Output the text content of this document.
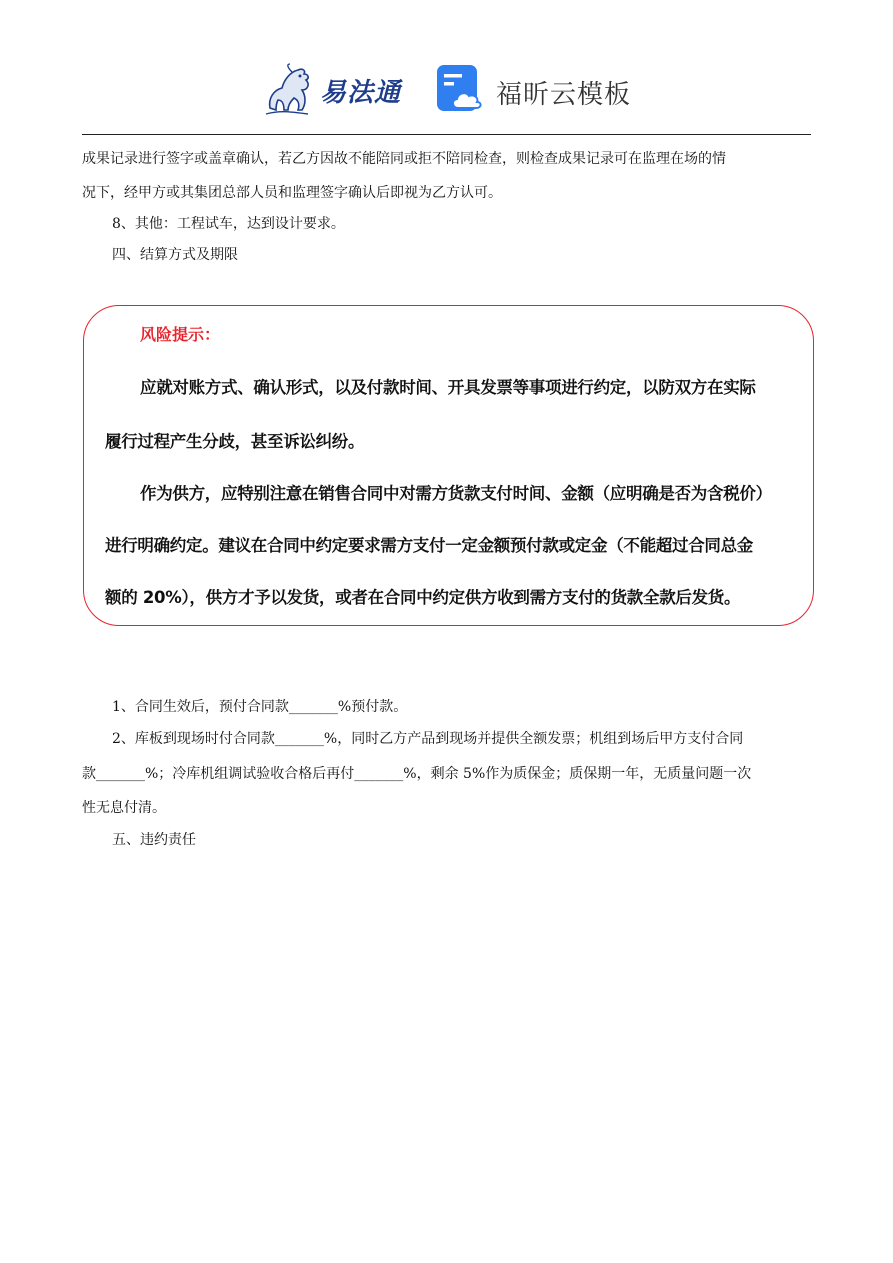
易法通	福昕云模板
成果记录进行签字或盖章确认，若乙方因故不能陪同或拒不陪同检查，则检查成果记录可在监理在场的情
况下，经甲方或其集团总部人员和监理签字确认后即视为乙方认可。
8、其他：工程试车，达到设计要求。
四、结算方式及期限
1、合同生效后，预付合同款_______%预付款。
2、库板到现场时付合同款_______%，同时乙方产品到现场并提供全额发票；机组到场后甲方支付合同
款_______%；冷库机组调试验收合格后再付_______%，剩余 5%作为质保金；质保期一年，无质量问题一次
性无息付清。
五、违约责任
风险提示：
应就对账方式、确认形式，以及付款时间、开具发票等事项进行约定，以防双方在实际
履行过程产生分歧，甚至诉讼纠纷。
作为供方，应特别注意在销售合同中对需方货款支付时间、金额（应明确是否为含税价）
进行明确约定。建议在合同中约定要求需方支付一定金额预付款或定金（不能超过合同总金
额的 20%），供方才予以发货，或者在合同中约定供方收到需方支付的货款全款后发货。
